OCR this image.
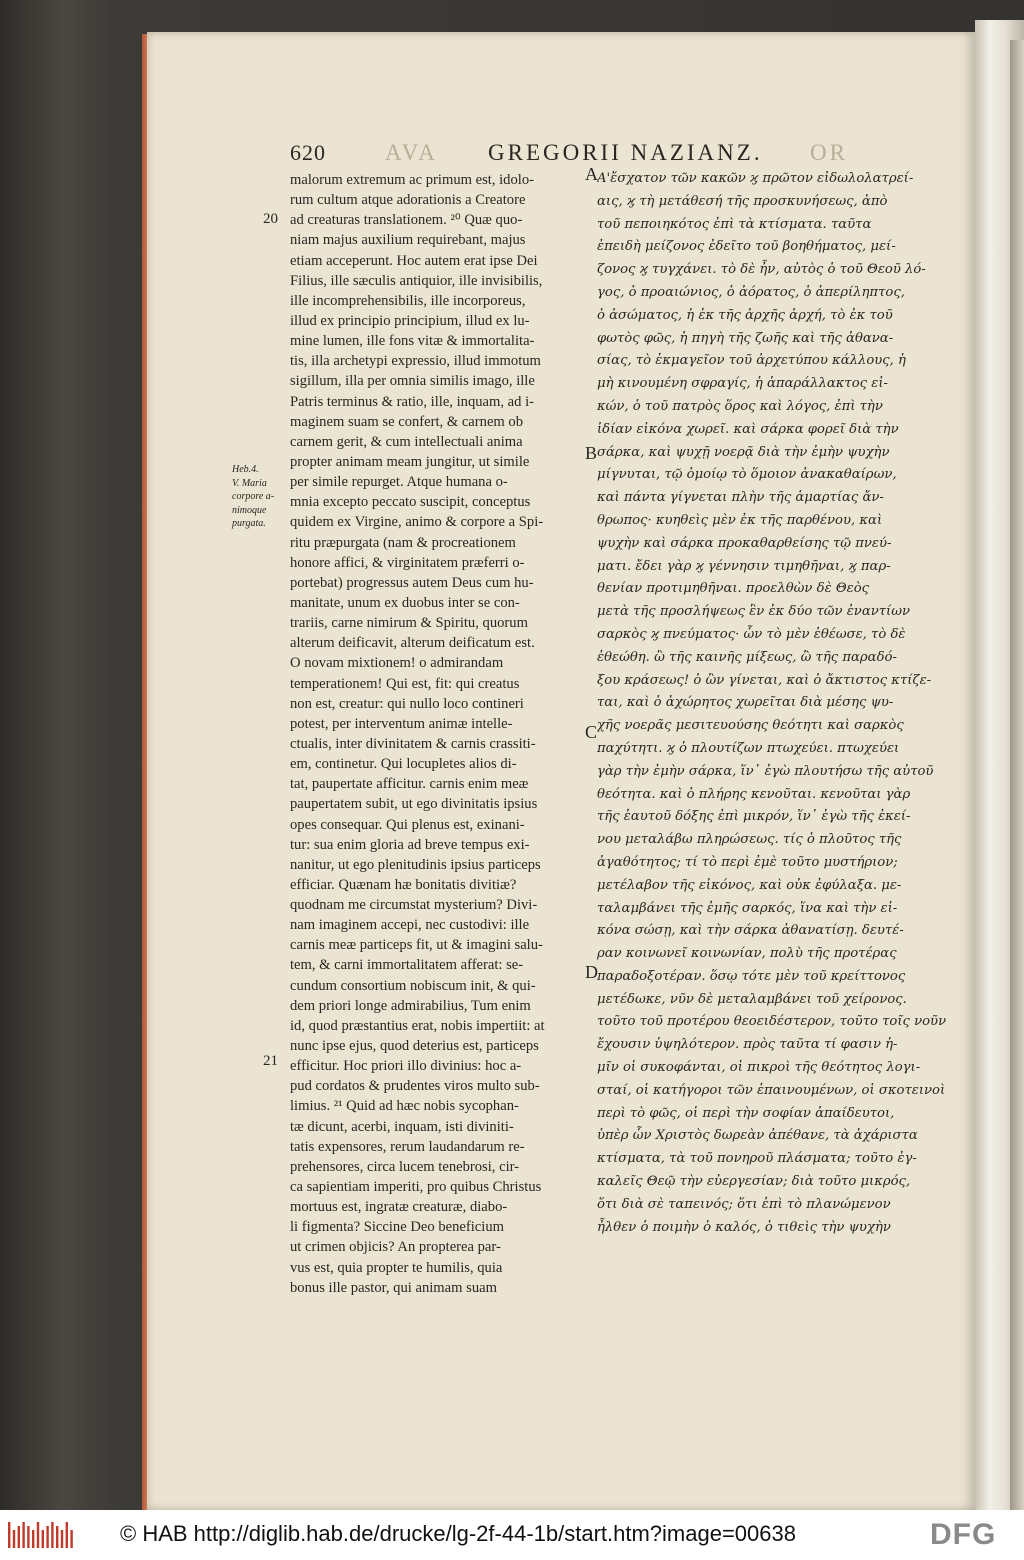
AVA	OR
620	GREGORII NAZIANZ.
20
21
Heb.4.
V. Maria
corpore a-
nimoque
purgata.
A
B
C
D
malorum extremum ac primum est, idolo-
rum cultum atque adorationis a Creatore
ad creaturas translationem. ²⁰ Quæ quo-
niam majus auxilium requirebant, majus
etiam acceperunt. Hoc autem erat ipse Dei
Filius, ille sæculis antiquior, ille invisibilis,
ille incomprehensibilis, ille incorporeus,
illud ex principio principium, illud ex lu-
mine lumen, ille fons vitæ & immortalita-
tis, illa archetypi expressio, illud immotum
sigillum, illa per omnia similis imago, ille
Patris terminus & ratio, ille, inquam, ad i-
maginem suam se confert, & carnem ob
carnem gerit, & cum intellectuali anima
propter animam meam jungitur, ut simile
per simile repurget. Atque humana o-
mnia excepto peccato suscipit, conceptus
quidem ex Virgine, animo & corpore a Spi-
ritu præpurgata (nam & procreationem
honore affici, & virginitatem præferri o-
portebat) progressus autem Deus cum hu-
manitate, unum ex duobus inter se con-
trariis, carne nimirum & Spiritu, quorum
alterum deificavit, alterum deificatum est.
O novam mixtionem! o admirandam
temperationem! Qui est, fit: qui creatus
non est, creatur: qui nullo loco contineri
potest, per interventum animæ intelle-
ctualis, inter divinitatem & carnis crassiti-
em, continetur. Qui locupletes alios di-
tat, paupertate afficitur. carnis enim meæ
paupertatem subit, ut ego divinitatis ipsius
opes consequar. Qui plenus est, exinani-
tur: sua enim gloria ad breve tempus exi-
nanitur, ut ego plenitudinis ipsius particeps
efficiar. Quænam hæ bonitatis divitiæ?
quodnam me circumstat mysterium? Divi-
nam imaginem accepi, nec custodivi: ille
carnis meæ particeps fit, ut & imagini salu-
tem, & carni immortalitatem afferat: se-
cundum consortium nobiscum init, & qui-
dem priori longe admirabilius, Tum enim
id, quod præstantius erat, nobis impertiit: at
nunc ipse ejus, quod deterius est, particeps
efficitur. Hoc priori illo divinius: hoc a-
pud cordatos & prudentes viros multo sub-
limius. ²¹ Quid ad hæc nobis sycophan-
tæ dicunt, acerbi, inquam, isti diviniti-
tatis expensores, rerum laudandarum re-
prehensores, circa lucem tenebrosi, cir-
ca sapientiam imperiti, pro quibus Christus
mortuus est, ingratæ creaturæ, diabo-
li figmenta? Siccine Deo beneficium
ut crimen objicis? An propterea par-
vus est, quia propter te humilis, quia
bonus ille pastor, qui animam suam
Α'ἔσχατον τῶν κακῶν ϗ πρῶτον εἰδωλολατρεί-
αις, ϗ τὴ μετάθεσή τῆς προσκυνήσεως, ἀπὸ
τοῦ πεποιηκότος ἐπὶ τὰ κτίσματα. ταῦτα
ἐπειδὴ μείζονος ἐδεῖτο τοῦ βοηθήματος, μεί-
ζονος ϗ τυγχάνει. τὸ δὲ ἦν, αὐτὸς ὁ τοῦ Θεοῦ λό-
γος, ὁ προαιώνιος, ὁ ἀόρατος, ὁ ἀπερίληπτος,
ὁ ἀσώματος, ἡ ἐκ τῆς ἀρχῆς ἀρχή, τὸ ἐκ τοῦ
φωτὸς φῶς, ἡ πηγὴ τῆς ζωῆς καὶ τῆς ἀθανα-
σίας, τὸ ἐκμαγεῖον τοῦ ἀρχετύπου κάλλους, ἡ
μὴ κινουμένη σφραγίς, ἡ ἀπαράλλακτος εἰ-
κών, ὁ τοῦ πατρὸς ὅρος καὶ λόγος, ἐπὶ τὴν
ἰδίαν εἰκόνα χωρεῖ. καὶ σάρκα φορεῖ διὰ τὴν
σάρκα, καὶ ψυχῇ νοερᾷ διὰ τὴν ἐμὴν ψυχὴν
μίγνυται, τῷ ὁμοίῳ τὸ ὅμοιον ἀνακαθαίρων,
καὶ πάντα γίγνεται πλὴν τῆς ἁμαρτίας ἄν-
θρωπος· κυηθεὶς μὲν ἐκ τῆς παρθένου, καὶ
ψυχὴν καὶ σάρκα προκαθαρθείσης τῷ πνεύ-
ματι. ἔδει γὰρ ϗ γέννησιν τιμηθῆναι, ϗ παρ-
θενίαν προτιμηθῆναι. προελθὼν δὲ Θεὸς
μετὰ τῆς προσλήψεως ἓν ἐκ δύο τῶν ἐναντίων
σαρκὸς ϗ πνεύματος· ὧν τὸ μὲν ἐθέωσε, τὸ δὲ
ἐθεώθη. ὢ τῆς καινῆς μίξεως, ὢ τῆς παραδό-
ξου κράσεως! ὁ ὢν γίνεται, καὶ ὁ ἄκτιστος κτίζε-
ται, καὶ ὁ ἀχώρητος χωρεῖται διὰ μέσης ψυ-
χῆς νοερᾶς μεσιτευούσης θεότητι καὶ σαρκὸς
παχύτητι. ϗ ὁ πλουτίζων πτωχεύει. πτωχεύει
γὰρ τὴν ἐμὴν σάρκα, ἵν᾽ ἐγὼ πλουτήσω τῆς αὐτοῦ
θεότητα. καὶ ὁ πλήρης κενοῦται. κενοῦται γὰρ
τῆς ἑαυτοῦ δόξης ἐπὶ μικρόν, ἵν᾽ ἐγὼ τῆς ἐκεί-
νου μεταλάβω πληρώσεως. τίς ὁ πλοῦτος τῆς
ἀγαθότητος; τί τὸ περὶ ἐμὲ τοῦτο μυστήριον;
μετέλαβον τῆς εἰκόνος, καὶ οὐκ ἐφύλαξα. με-
ταλαμβάνει τῆς ἐμῆς σαρκός, ἵνα καὶ τὴν εἰ-
κόνα σώσῃ, καὶ τὴν σάρκα ἀθανατίσῃ. δευτέ-
ραν κοινωνεῖ κοινωνίαν, πολὺ τῆς προτέρας
παραδοξοτέραν. ὅσῳ τότε μὲν τοῦ κρείττονος
μετέδωκε, νῦν δὲ μεταλαμβάνει τοῦ χείρονος.
τοῦτο τοῦ προτέρου θεοειδέστερον, τοῦτο τοῖς νοῦν
ἔχουσιν ὑψηλότερον. πρὸς ταῦτα τί φασιν ἡ-
μῖν οἱ συκοφάνται, οἱ πικροὶ τῆς θεότητος λογι-
σταί, οἱ κατήγοροι τῶν ἐπαινουμένων, οἱ σκοτεινοὶ
περὶ τὸ φῶς, οἱ περὶ τὴν σοφίαν ἀπαίδευτοι,
ὑπὲρ ὧν Χριστὸς δωρεὰν ἀπέθανε, τὰ ἀχάριστα
κτίσματα, τὰ τοῦ πονηροῦ πλάσματα; τοῦτο ἐγ-
καλεῖς Θεῷ τὴν εὐεργεσίαν; διὰ τοῦτο μικρός,
ὅτι διὰ σὲ ταπεινός; ὅτι ἐπὶ τὸ πλανώμενον
ἦλθεν ὁ ποιμὴν ὁ καλός, ὁ τιθεὶς τὴν ψυχὴν
© HAB http://diglib.hab.de/drucke/lg-2f-44-1b/start.htm?image=00638	DFG
